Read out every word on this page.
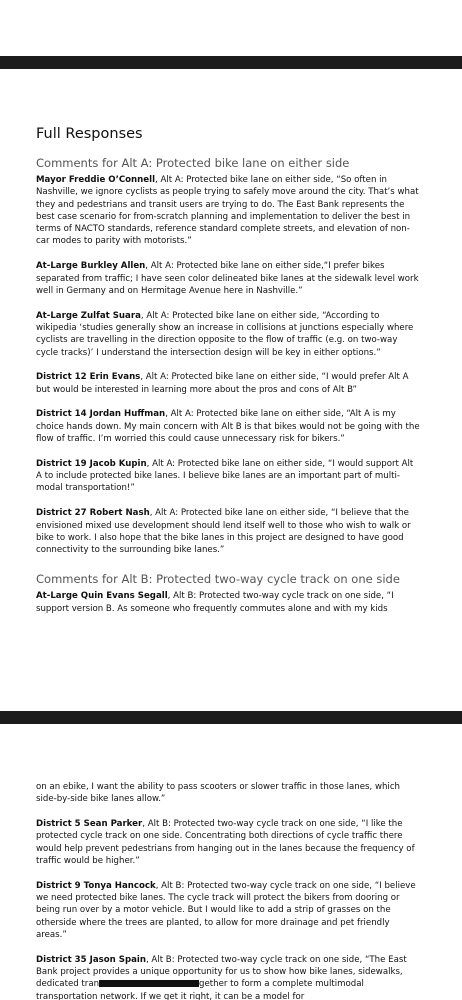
Full Responses
Comments for Alt A: Protected bike lane on either side

Mayor Freddie O’Connell, Alt A: Protected bike lane on either side, “So often in Nashville, we ignore cyclists as people trying to safely move around the city. That’s what they and pedestrians and transit users are trying to do. The East Bank represents the best case scenario for from-scratch planning and implementation to deliver the best in terms of NACTO standards, reference standard complete streets, and elevation of non-car modes to parity with motorists.”

At-Large Burkley Allen, Alt A: Protected bike lane on either side,“I prefer bikes separated from traffic; I have seen color delineated bike lanes at the sidewalk level work well in Germany and on Hermitage Avenue here in Nashville.”

At-Large Zulfat Suara, Alt A: Protected bike lane on either side, “According to wikipedia ‘studies generally show an increase in collisions at junctions especially where cyclists are travelling in the direction opposite to the flow of traffic (e.g. on two-way cycle tracks)’ I understand the intersection design will be key in either options.”

District 12 Erin Evans, Alt A: Protected bike lane on either side, “I would prefer Alt A but would be interested in learning more about the pros and cons of Alt B”

District 14 Jordan Huffman, Alt A: Protected bike lane on either side, “Alt A is my choice hands down. My main concern with Alt B is that bikes would not be going with the flow of traffic. I’m worried this could cause unnecessary risk for bikers.”

District 19 Jacob Kupin, Alt A: Protected bike lane on either side, “I would support Alt A to include protected bike lanes. I believe bike lanes are an important part of multi-modal transportation!”

District 27 Robert Nash, Alt A: Protected bike lane on either side, “I believe that the envisioned mixed use development should lend itself well to those who wish to walk or bike to work. I also hope that the bike lanes in this project are designed to have good connectivity to the surrounding bike lanes.”

Comments for Alt B: Protected two-way cycle track on one side

At-Large Quin Evans Segall, Alt B: Protected two-way cycle track on one side, “I support version B. As someone who frequently commutes alone and with my kids

on an ebike, I want the ability to pass scooters or slower traffic in those lanes, which side-by-side bike lanes allow.”

District 5 Sean Parker, Alt B: Protected two-way cycle track on one side, “I like the protected cycle track on one side. Concentrating both directions of cycle traffic there would help prevent pedestrians from hanging out in the lanes because the frequency of traffic would be higher.”

District 9 Tonya Hancock, Alt B: Protected two-way cycle track on one side, “I believe we need protected bike lanes. The cycle track will protect the bikers from dooring or being run over by a motor vehicle. But I would like to add a strip of grasses on the otherside where the trees are planted, to allow for more drainage and pet friendly areas.”

District 35 Jason Spain, Alt B: Protected two-way cycle track on one side, “The East Bank project provides a unique opportunity for us to show how bike lanes, sidewalks, dedicated tran	gether to form a complete multimodal transportation network. If we get it right, it can be a model for
